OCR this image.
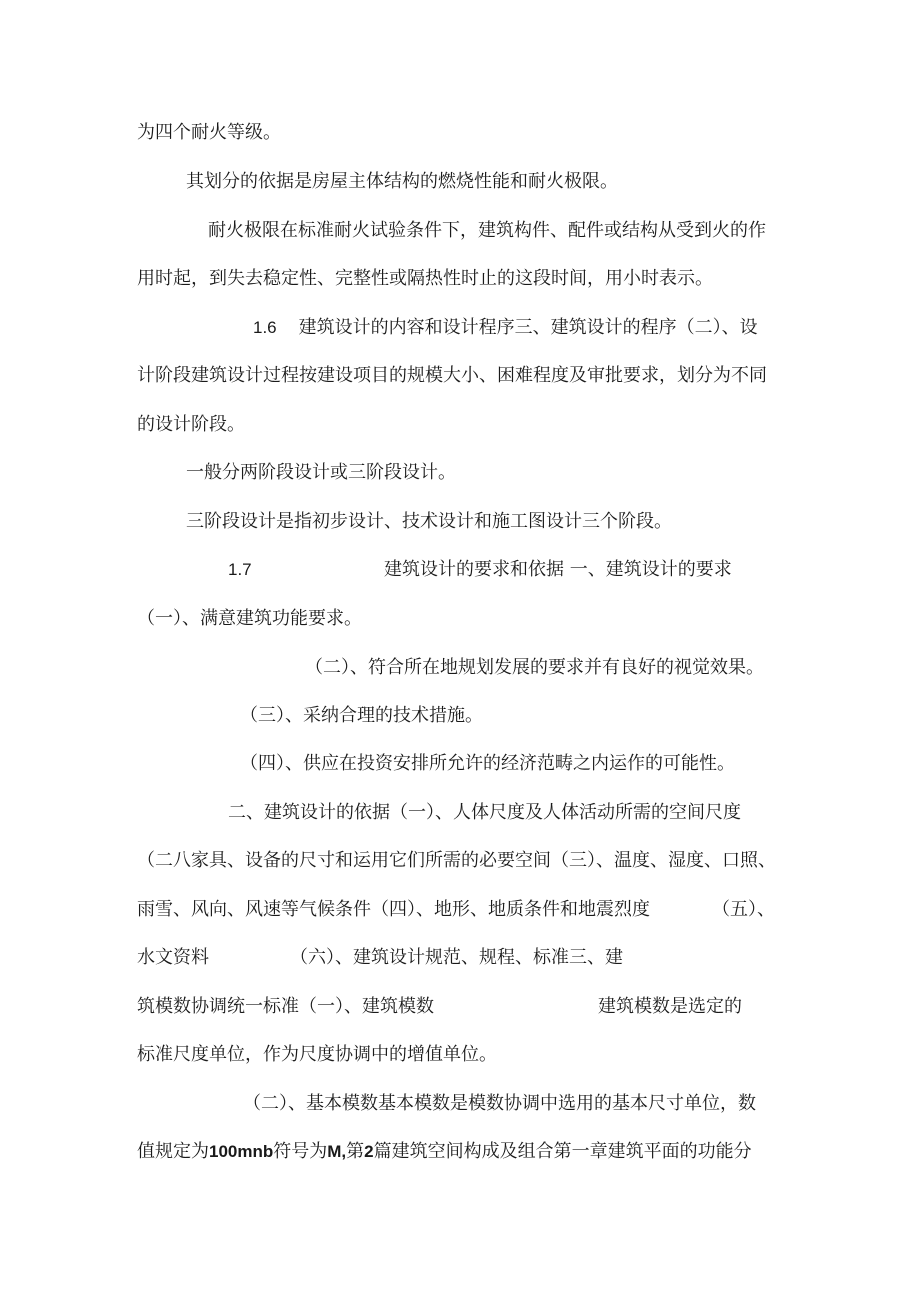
为四个耐火等级。
其划分的依据是房屋主体结构的燃烧性能和耐火极限。
耐火极限在标准耐火试验条件下，建筑构件、配件或结构从受到火的作
用时起，到失去稳定性、完整性或隔热性时止的这段时间，用小时表示。
1.6 建筑设计的内容和设计程序三、建筑设计的程序（二）、设
计阶段建筑设计过程按建设项目的规模大小、困难程度及审批要求，划分为不同
的设计阶段。
一般分两阶段设计或三阶段设计。
三阶段设计是指初步设计、技术设计和施工图设计三个阶段。
1.7	建筑设计的要求和依据 一、建筑设计的要求
（一）、满意建筑功能要求。
（二）、符合所在地规划发展的要求并有良好的视觉效果。
（三）、采纳合理的技术措施。
（四）、供应在投资安排所允许的经济范畴之内运作的可能性。
二、建筑设计的依据（一）、人体尺度及人体活动所需的空间尺度
（二八家具、设备的尺寸和运用它们所需的必要空间（三）、温度、湿度、口照、
雨雪、风向、风速等气候条件（四）、地形、地质条件和地震烈度	（五）、
水文资料	（六）、建筑设计规范、规程、标准三、建
筑模数协调统一标准（一）、建筑模数	建筑模数是选定的
标准尺度单位，作为尺度协调中的增值单位。
（二）、基本模数基本模数是模数协调中选用的基本尺寸单位，数
值规定为100mnb符号为M,第2篇建筑空间构成及组合第一章建筑平面的功能分
